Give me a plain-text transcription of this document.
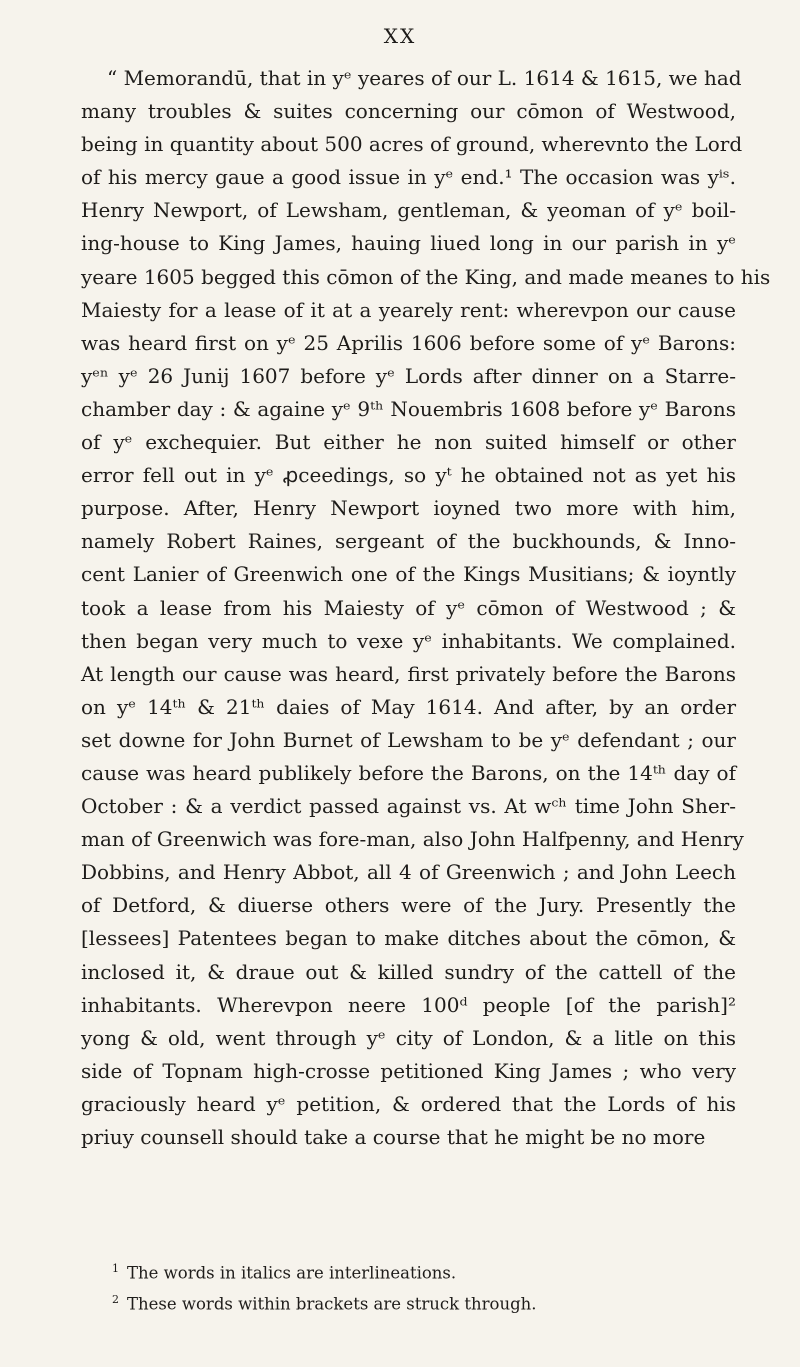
XX
“ Memorandū, that in yᵉ yeares of our L. 1614 & 1615, we had
many troubles & suites concerning our cōmon of Westwood,
being in quantity about 500 acres of ground, wherevnto the Lord
of his mercy gaue a good issue in yᵉ end.¹ The occasion was yⁱˢ.
Henry Newport, of Lewsham, gentleman, & yeoman of yᵉ boil-
ing-house to King James, hauing liued long in our parish in yᵉ
yeare 1605 begged this cōmon of the King, and made meanes to his
Maiesty for a lease of it at a yearely rent: wherevpon our cause
was heard first on yᵉ 25 Aprilis 1606 before some of yᵉ Barons:
yᵉⁿ yᵉ 26 Junij 1607 before yᵉ Lords after dinner on a Starre-
chamber day : & againe yᵉ 9ᵗʰ Nouembris 1608 before yᵉ Barons
of yᵉ exchequier. But either he non suited himself or other
error fell out in yᵉ ꝓceedings, so yᵗ he obtained not as yet his
purpose. After, Henry Newport ioyned two more with him,
namely Robert Raines, sergeant of the buckhounds, & Inno-
cent Lanier of Greenwich one of the Kings Musitians; & ioyntly
took a lease from his Maiesty of yᵉ cōmon of Westwood ; &
then began very much to vexe yᵉ inhabitants. We complained.
At length our cause was heard, first privately before the Barons
on yᵉ 14ᵗʰ & 21ᵗʰ daies of May 1614. And after, by an order
set downe for John Burnet of Lewsham to be yᵉ defendant ; our
cause was heard publikely before the Barons, on the 14ᵗʰ day of
October : & a verdict passed against vs. At wᶜʰ time John Sher-
man of Greenwich was fore-man, also John Halfpenny, and Henry
Dobbins, and Henry Abbot, all 4 of Greenwich ; and John Leech
of Detford, & diuerse others were of the Jury. Presently the
[lessees] Patentees began to make ditches about the cōmon, &
inclosed it, & draue out & killed sundry of the cattell of the
inhabitants. Wherevpon neere 100ᵈ people [of the parish]²
yong & old, went through yᵉ city of London, & a litle on this
side of Topnam high-crosse petitioned King James ; who very
graciously heard yᵉ petition, & ordered that the Lords of his
priuy counsell should take a course that he might be no more
$^1$ The words in italics are interlineations.
$^2$ These words within brackets are struck through.
